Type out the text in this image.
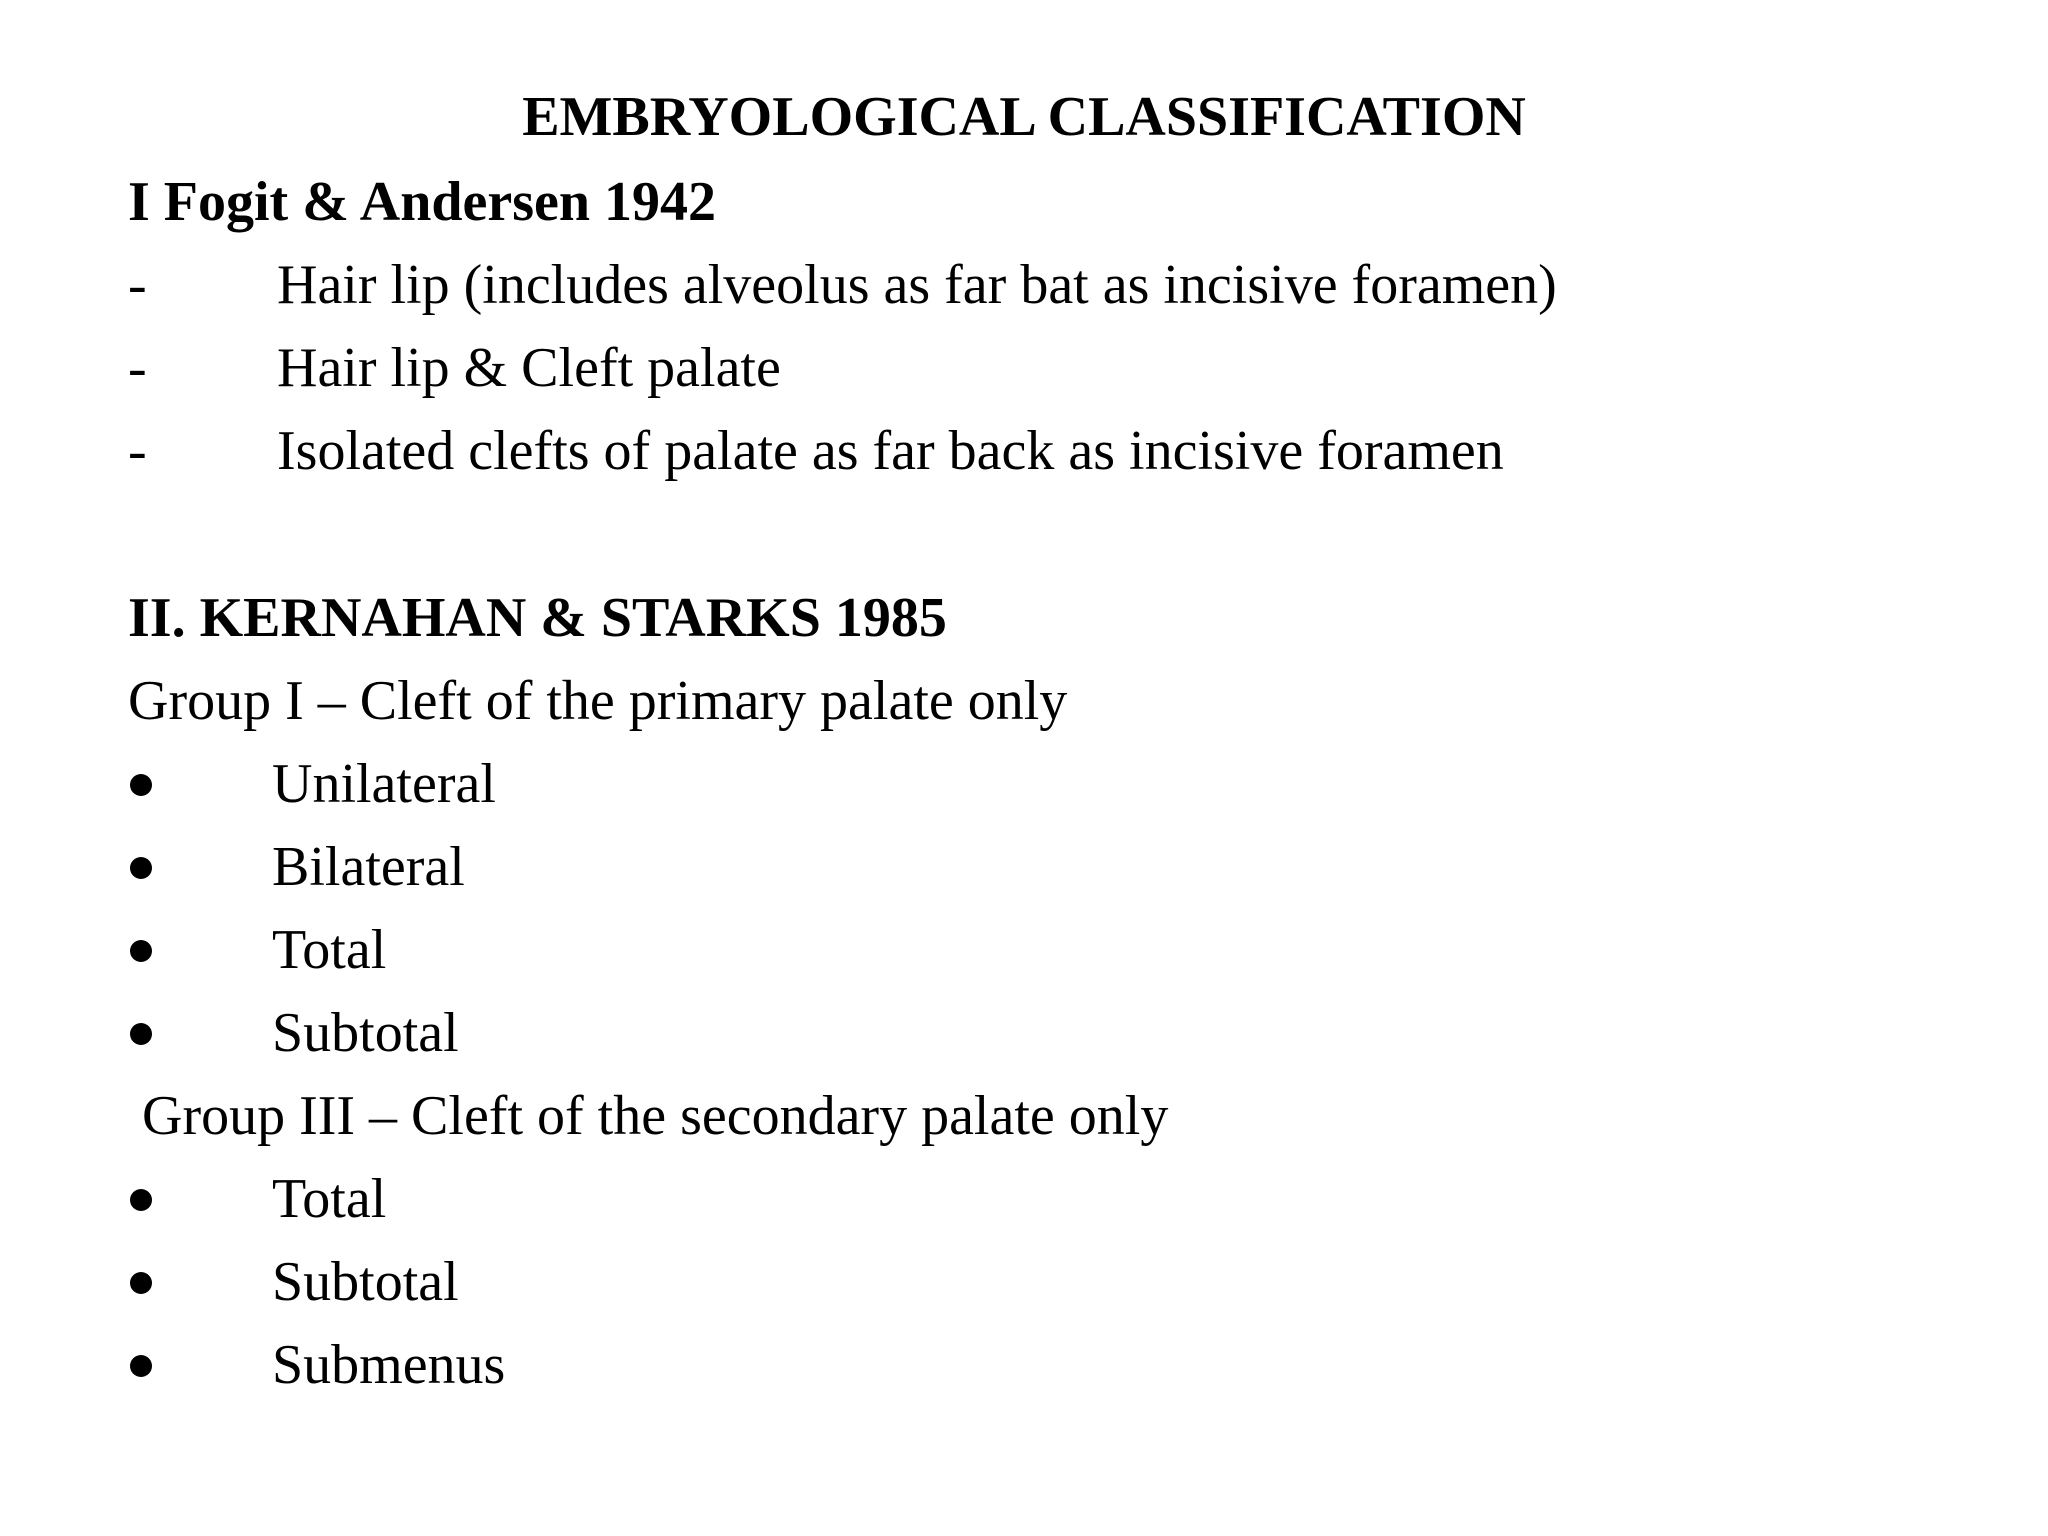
EMBRYOLOGICAL CLASSIFICATION
I Fogit & Andersen 1942
- Hair lip (includes alveolus as far bat as incisive foramen)
- Hair lip & Cleft palate
- Isolated clefts of palate as far back as incisive foramen
II. KERNAHAN & STARKS 1985
Group I – Cleft of the primary palate only
Unilateral
Bilateral
Total
Subtotal
Group III – Cleft of the secondary palate only
Total
Subtotal
Submenus
